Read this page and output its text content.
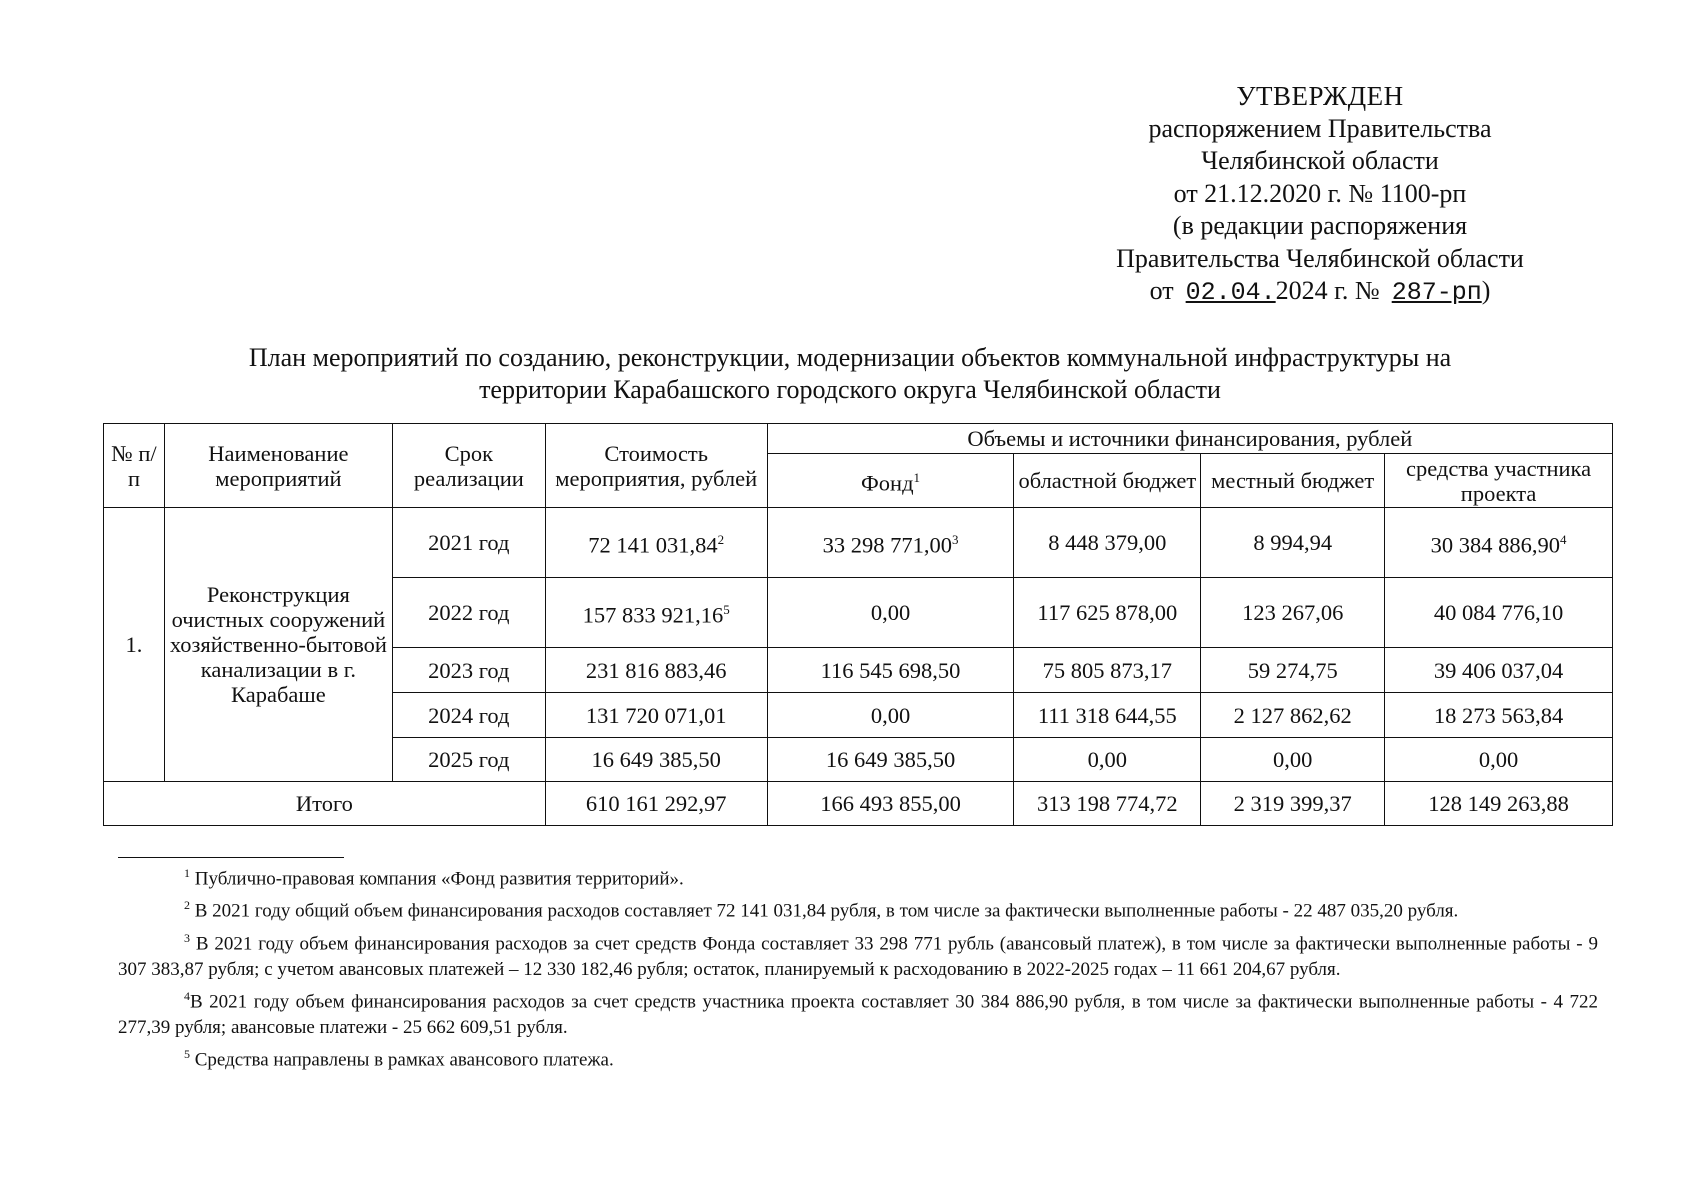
УТВЕРЖДЕН
распоряжением Правительства
Челябинской области
от 21.12.2020 г. № 1100-рп
(в редакции распоряжения
Правительства Челябинской области
от 02.04.2024 г. № 287-рп)
План мероприятий по созданию, реконструкции, модернизации объектов коммунальной инфраструктуры на
территории Карабашского городского округа Челябинской области
№ п/п	Наименование мероприятий	Срок реализации	Стоимость мероприятия, рублей	Объемы и источники финансирования, рублей			
				Фонд$^1$	областной бюджет	местный бюджет	средства участника проекта
1.	Реконструкция очистных сооружений хозяйственно-бытовой канализации в г. Карабаше	2021 год	72 141 031,84$^2$	33 298 771,00$^3$	8 448 379,00	8 994,94	30 384 886,90$^4$
		2022 год	157 833 921,16$^5$	0,00	117 625 878,00	123 267,06	40 084 776,10
		2023 год	231 816 883,46	116 545 698,50	75 805 873,17	59 274,75	39 406 037,04
		2024 год	131 720 071,01	0,00	111 318 644,55	2 127 862,62	18 273 563,84
		2025 год	16 649 385,50	16 649 385,50	0,00	0,00	0,00
Итого			610 161 292,97	166 493 855,00	313 198 774,72	2 319 399,37	128 149 263,88

$^1$ Публично-правовая компания «Фонд развития территорий».

$^2$ В 2021 году общий объем финансирования расходов составляет 72 141 031,84 рубля, в том числе за фактически выполненные работы - 22 487 035,20 рубля.

$^3$ В 2021 году объем финансирования расходов за счет средств Фонда составляет 33 298 771 рубль (авансовый платеж), в том числе за фактически выполненные работы - 9 307 383,87 рубля; с учетом авансовых платежей – 12 330 182,46 рубля; остаток, планируемый к расходованию в 2022-2025 годах – 11 661 204,67 рубля.

$^4$В 2021 году объем финансирования расходов за счет средств участника проекта составляет 30 384 886,90 рубля, в том числе за фактически выполненные работы - 4 722 277,39 рубля; авансовые платежи - 25 662 609,51 рубля.

$^5$ Средства направлены в рамках авансового платежа.
